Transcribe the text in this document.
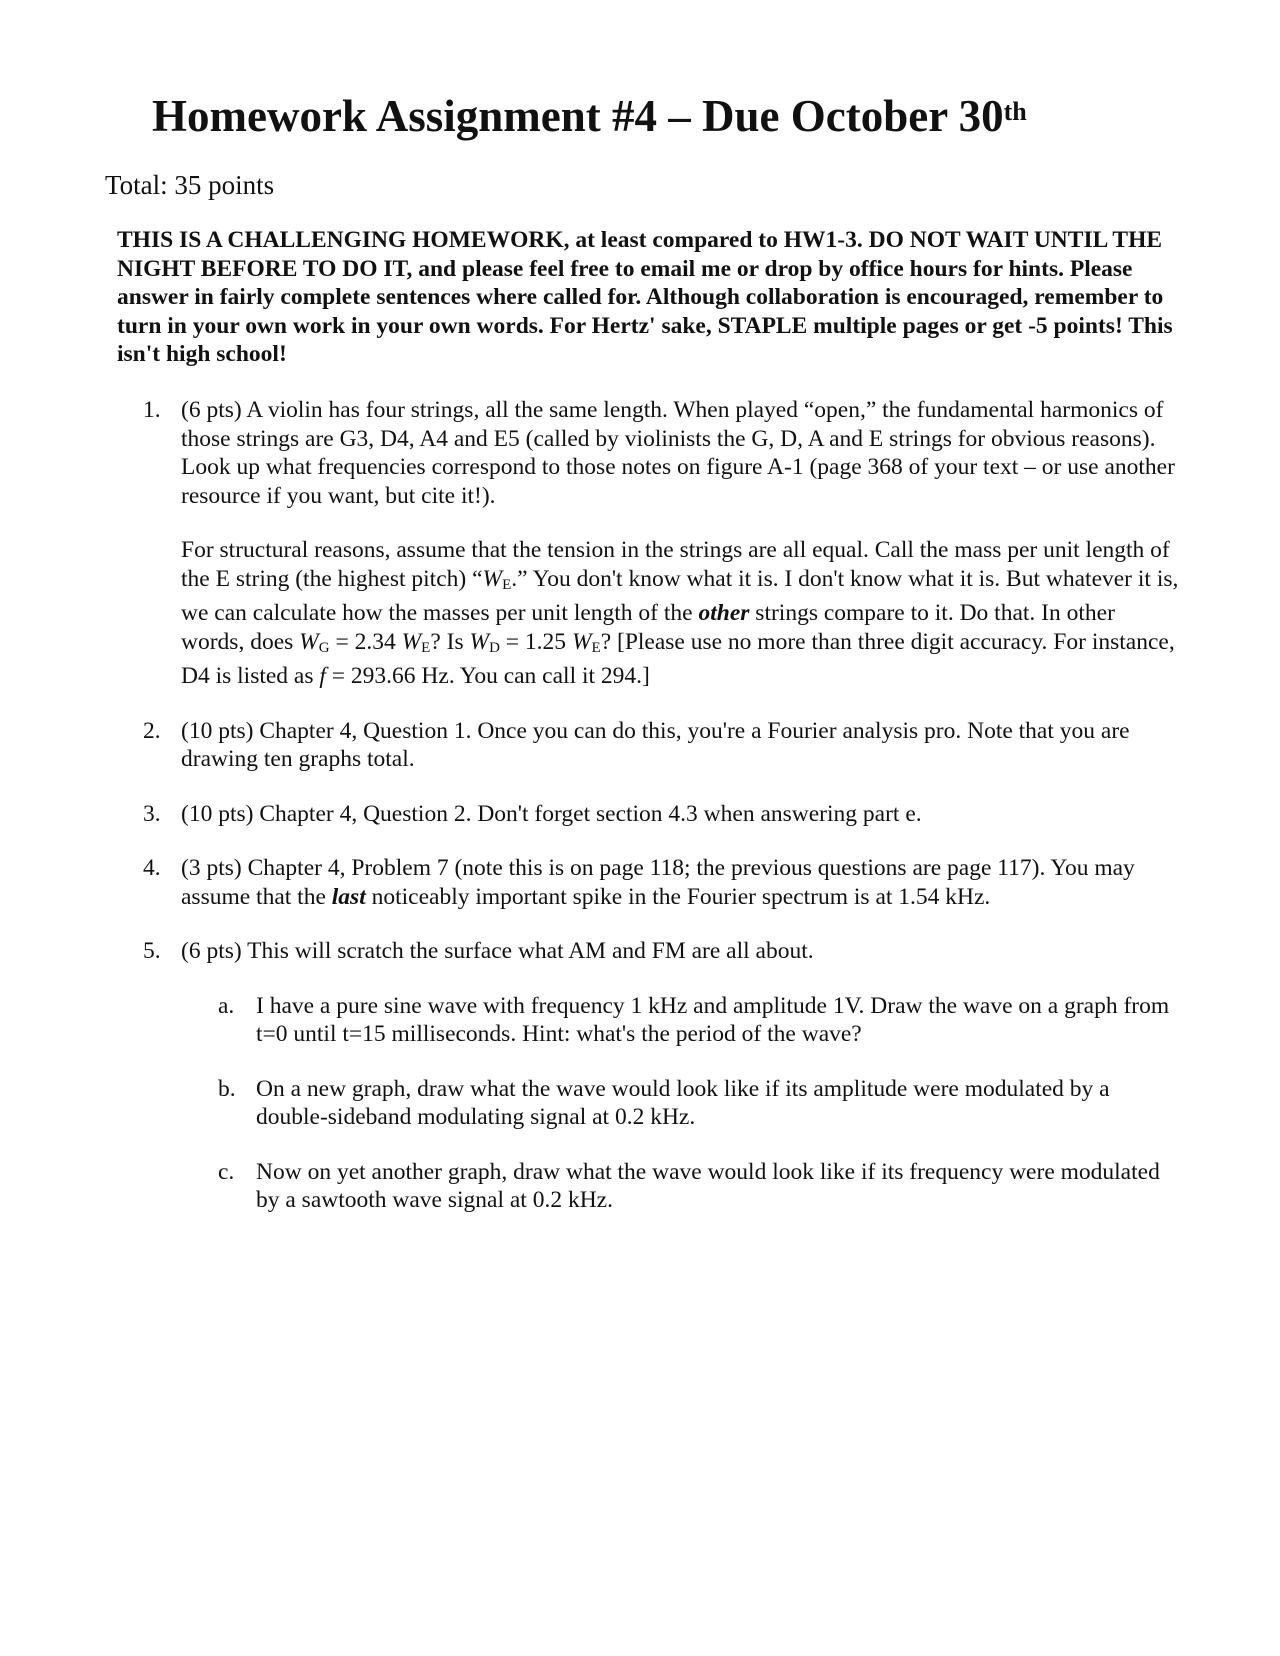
Homework Assignment #4 – Due October 30th
Total: 35 points

THIS IS A CHALLENGING HOMEWORK, at least compared to HW1-3. DO NOT WAIT UNTIL THE NIGHT BEFORE TO DO IT, and please feel free to email me or drop by office hours for hints. Please answer in fairly complete sentences where called for. Although collaboration is encouraged, remember to turn in your own work in your own words. For Hertz' sake, STAPLE multiple pages or get -5 points! This isn't high school!

1. (6 pts) A violin has four strings, all the same length. When played “open,” the fundamental harmonics of those strings are G3, D4, A4 and E5 (called by violinists the G, D, A and E strings for obvious reasons). Look up what frequencies correspond to those notes on figure A-1 (page 368 of your text – or use another resource if you want, but cite it!).

For structural reasons, assume that the tension in the strings are all equal. Call the mass per unit length of the E string (the highest pitch) “$W_E$.” You don't know what it is. I don't know what it is. But whatever it is, we can calculate how the masses per unit length of the other strings compare to it. Do that. In other words, does $W_G = 2.34$ $W_E$? Is $W_D = 1.25$ $W_E$? [Please use no more than three digit accuracy. For instance, D4 is listed as f = 293.66 Hz. You can call it 294.]

2. (10 pts) Chapter 4, Question 1. Once you can do this, you're a Fourier analysis pro. Note that you are drawing ten graphs total.

3. (10 pts) Chapter 4, Question 2. Don't forget section 4.3 when answering part e.

4. (3 pts) Chapter 4, Problem 7 (note this is on page 118; the previous questions are page 117). You may assume that the last noticeably important spike in the Fourier spectrum is at 1.54 kHz.

5. (6 pts) This will scratch the surface what AM and FM are all about.

a. I have a pure sine wave with frequency 1 kHz and amplitude 1V. Draw the wave on a graph from t=0 until t=15 milliseconds. Hint: what's the period of the wave?
b. On a new graph, draw what the wave would look like if its amplitude were modulated by a double-sideband modulating signal at 0.2 kHz.
c. Now on yet another graph, draw what the wave would look like if its frequency were modulated by a sawtooth wave signal at 0.2 kHz.
